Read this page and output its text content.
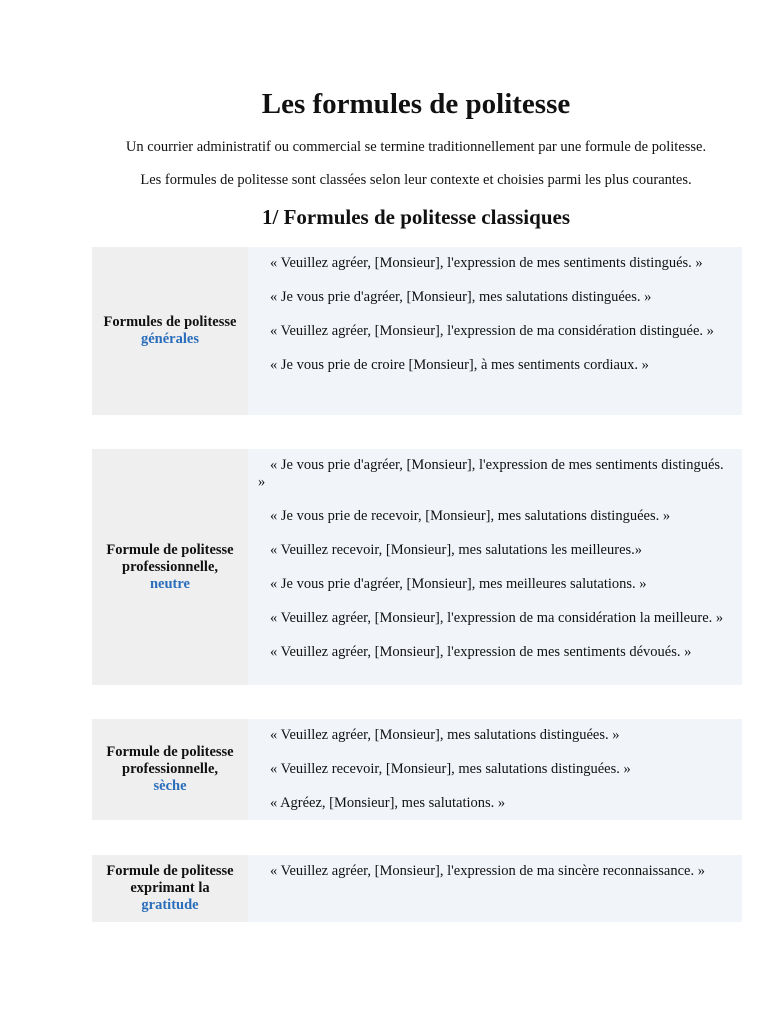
Les formules de politesse
Un courrier administratif ou commercial se termine traditionnellement par une formule de politesse.
Les formules de politesse sont classées selon leur contexte et choisies parmi les plus courantes.
1/ Formules de politesse classiques
Formules de politesse générales

« Veuillez agréer, [Monsieur], l'expression de mes sentiments distingués. »

« Je vous prie d'agréer, [Monsieur], mes salutations distinguées. »

« Veuillez agréer, [Monsieur], l'expression de ma considération distinguée. »

« Je vous prie de croire [Monsieur], à mes sentiments cordiaux. »

Formule de politesse professionnelle,
neutre

« Je vous prie d'agréer, [Monsieur], l'expression de mes sentiments distingués. »

« Je vous prie de recevoir, [Monsieur], mes salutations distinguées. »

« Veuillez recevoir, [Monsieur], mes salutations les meilleures.»

« Je vous prie d'agréer, [Monsieur], mes meilleures salutations. »

« Veuillez agréer, [Monsieur], l'expression de ma considération la meilleure. »

« Veuillez agréer, [Monsieur], l'expression de mes sentiments dévoués. »

Formule de politesse professionnelle,
sèche

« Veuillez agréer, [Monsieur], mes salutations distinguées. »

« Veuillez recevoir, [Monsieur], mes salutations distinguées. »

« Agréez, [Monsieur], mes salutations. »

Formule de politesse exprimant la
gratitude

« Veuillez agréer, [Monsieur], l'expression de ma sincère reconnaissance. »
